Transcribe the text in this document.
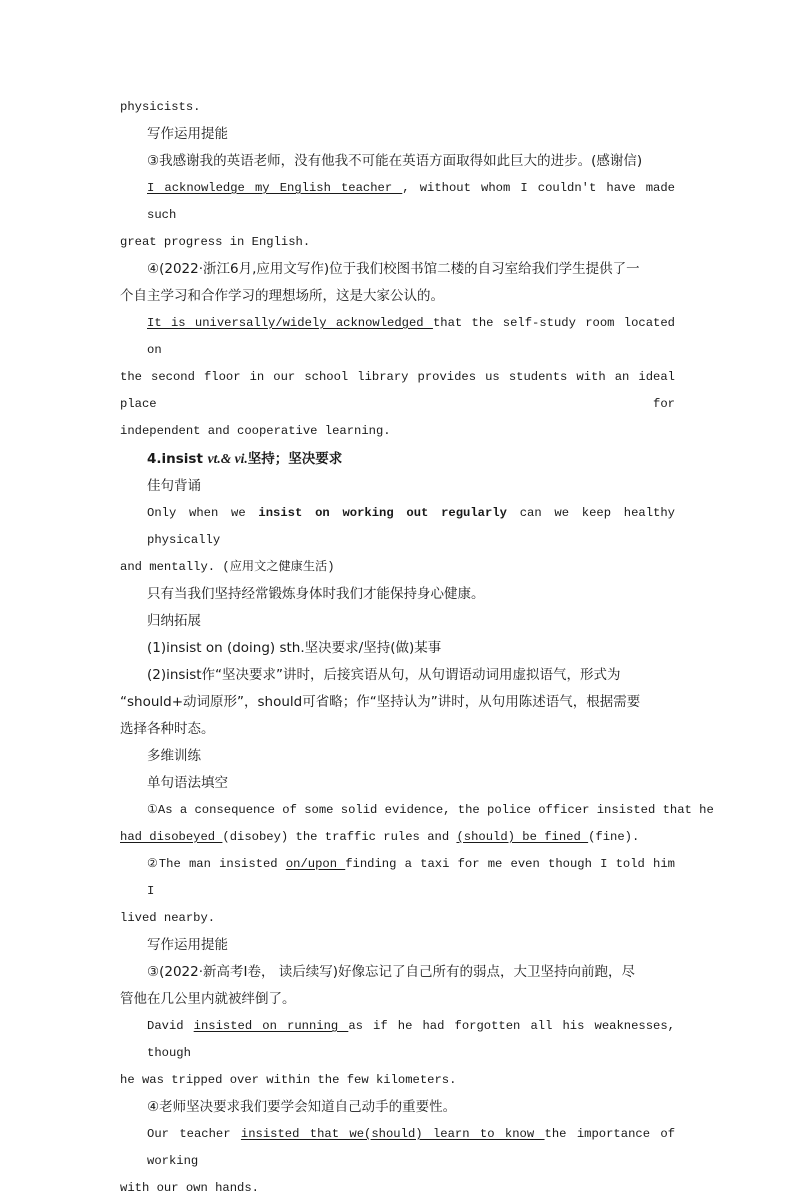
physicists.
写作运用提能
③我感谢我的英语老师，没有他我不可能在英语方面取得如此巨大的进步。(感谢信)
I acknowledge my English teacher , without whom I couldn't have made such
great progress in English.
④(2022·浙江6月,应用文写作)位于我们校图书馆二楼的自习室给我们学生提供了一
个自主学习和合作学习的理想场所，这是大家公认的。
It is universally/widely acknowledged that the self-study room located on
the second floor in our school library provides us students with an ideal place for
independent and cooperative learning.
4.insist vt.& vi.坚持；坚决要求
佳句背诵
Only when we insist on working out regularly can we keep healthy physically
and mentally. (应用文之健康生活)
只有当我们坚持经常锻炼身体时我们才能保持身心健康。
归纳拓展
(1)insist on (doing) sth.坚决要求/坚持(做)某事
(2)insist作“坚决要求”讲时，后接宾语从句，从句谓语动词用虚拟语气，形式为
“should+动词原形”，should可省略；作“坚持认为”讲时，从句用陈述语气，根据需要
选择各种时态。
多维训练
单句语法填空
①As a consequence of some solid evidence, the police officer insisted that he
had disobeyed (disobey) the traffic rules and (should) be fined (fine).
②The man insisted on/upon finding a taxi for me even though I told him I
lived nearby.
写作运用提能
③(2022·新高考Ⅰ卷， 读后续写)好像忘记了自己所有的弱点，大卫坚持向前跑，尽
管他在几公里内就被绊倒了。
David insisted on running as if he had forgotten all his weaknesses, though
he was tripped over within the few kilometers.
④老师坚决要求我们要学会知道自己动手的重要性。
Our teacher insisted that we(should) learn to know the importance of working
with our own hands.
